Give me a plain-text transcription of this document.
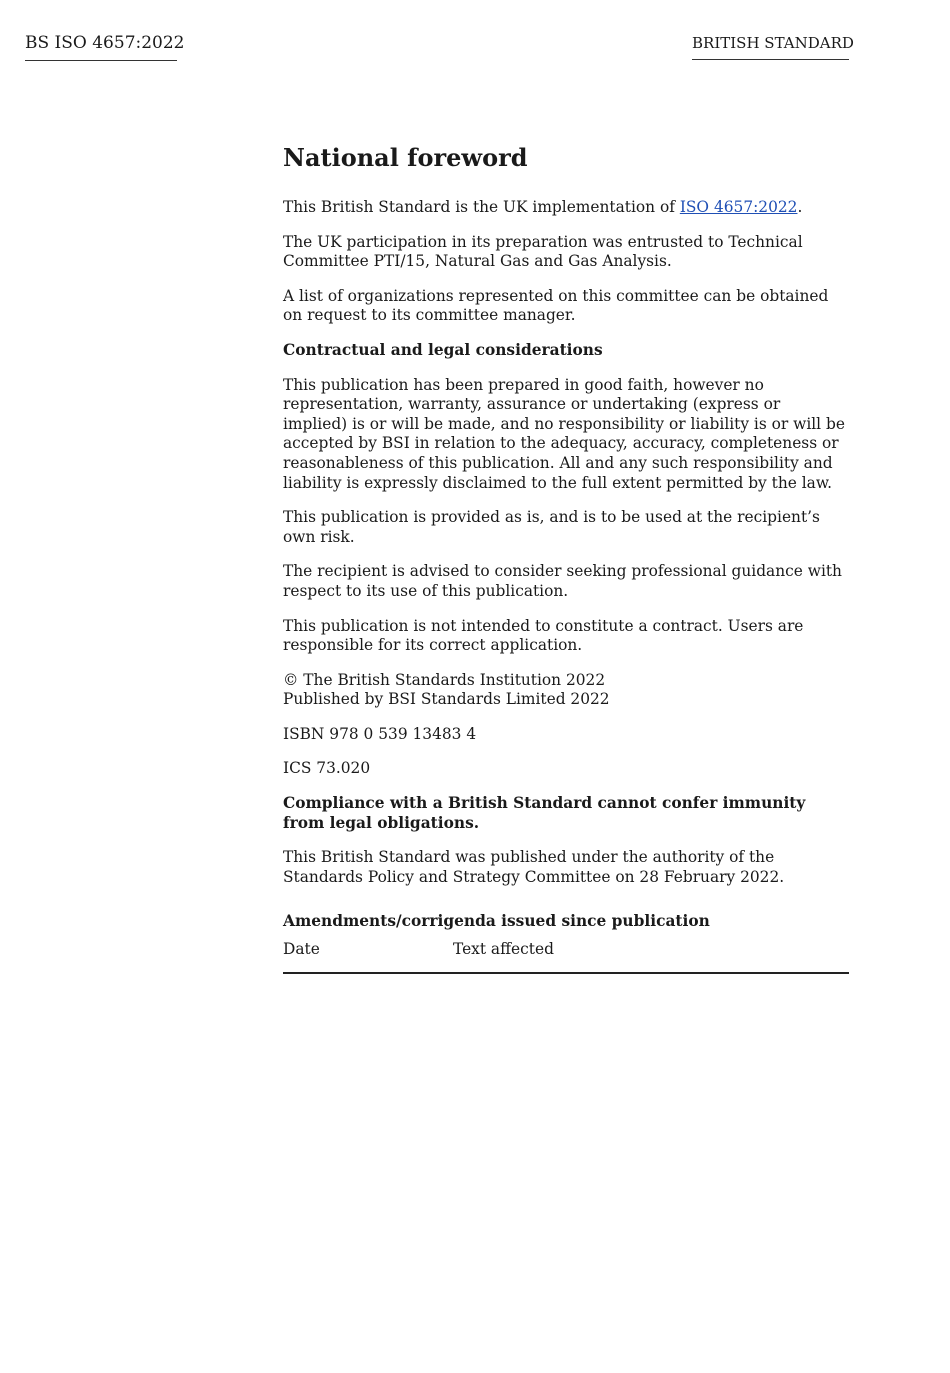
BS ISO 4657:2022	BRITISH STANDARD
National foreword

This British Standard is the UK implementation of ISO 4657:2022.

The UK participation in its preparation was entrusted to Technical Committee PTI/15, Natural Gas and Gas Analysis.

A list of organizations represented on this committee can be obtained on request to its committee manager.

Contractual and legal considerations

This publication has been prepared in good faith, however no representation, warranty, assurance or undertaking (express or implied) is or will be made, and no responsibility or liability is or will be accepted by BSI in relation to the adequacy, accuracy, completeness or reasonableness of this publication. All and any such responsibility and liability is expressly disclaimed to the full extent permitted by the law.

This publication is provided as is, and is to be used at the recipient’s own risk.

The recipient is advised to consider seeking professional guidance with respect to its use of this publication.

This publication is not intended to constitute a contract. Users are responsible for its correct application.

© The British Standards Institution 2022
Published by BSI Standards Limited 2022

ISBN 978 0 539 13483 4

ICS 73.020

Compliance with a British Standard cannot confer immunity from legal obligations.

This British Standard was published under the authority of the Standards Policy and Strategy Committee on 28 February 2022.

Amendments/corrigenda issued since publication

Date	Text affected
